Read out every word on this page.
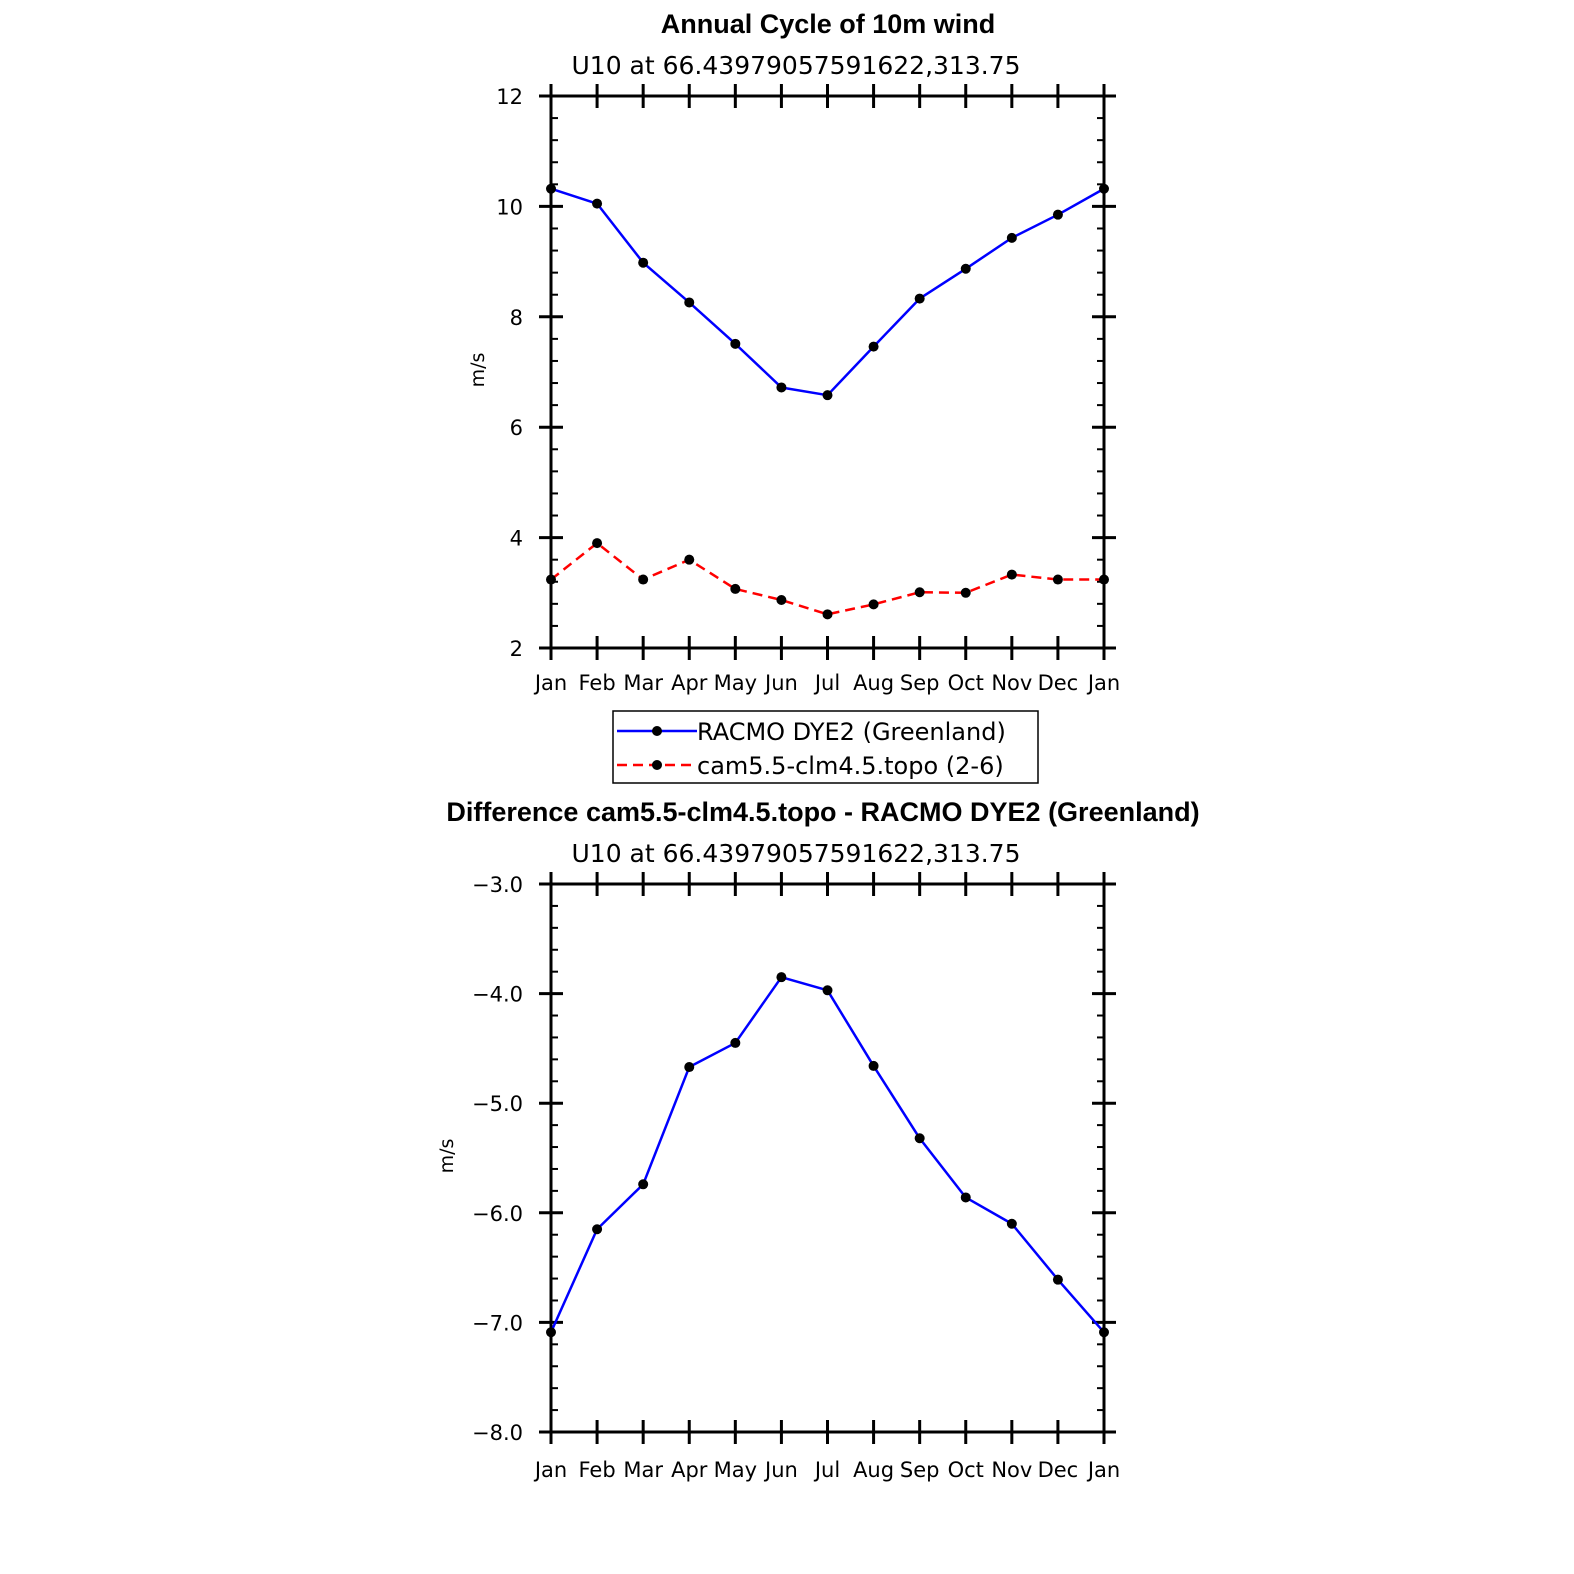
Annual Cycle of 10m wind
U10 at 66.43979057591622,313.75
m/s
Jan Feb Mar Apr May Jun Jul Aug Sep Oct Nov Dec Jan
2
4
6
8
10
12
RACMO DYE2 (Greenland)
cam5.5-clm4.5.topo (2-6)
Difference cam5.5-clm4.5.topo - RACMO DYE2 (Greenland)
U10 at 66.43979057591622,313.75
m/s
Jan Feb Mar Apr May Jun Jul Aug Sep Oct Nov Dec Jan
−8.0
−7.0
−6.0
−5.0
−4.0
−3.0
